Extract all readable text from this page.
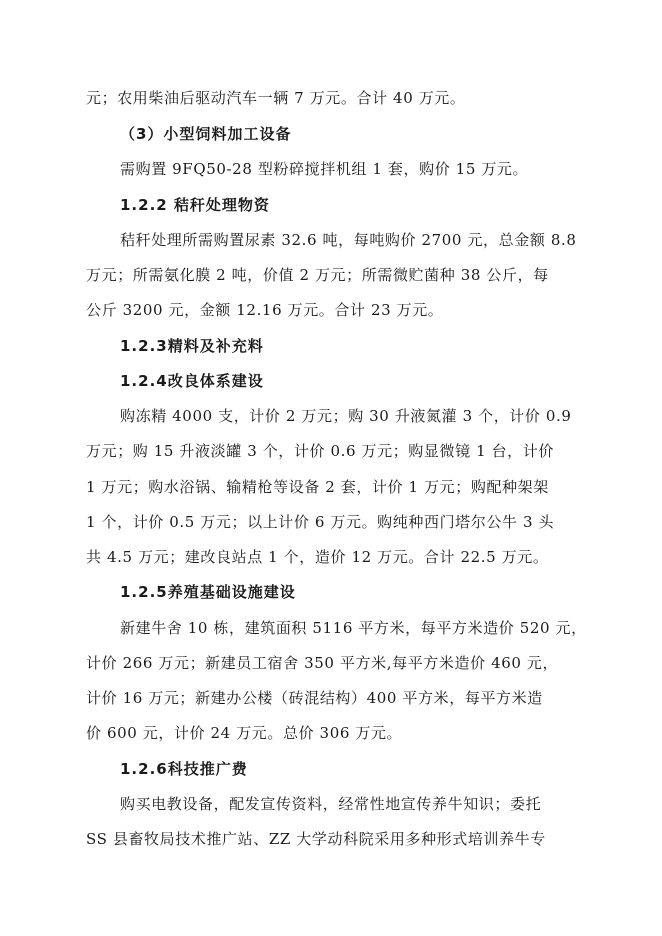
元；农用柴油后驱动汽车一辆 7 万元。合计 40 万元。
（3）小型饲料加工设备
需购置 9FQ50-28 型粉碎搅拌机组 1 套，购价 15 万元。
1.2.2 秸秆处理物资
秸秆处理所需购置尿素 32.6 吨，每吨购价 2700 元，总金额 8.8
万元；所需氨化膜 2 吨，价值 2 万元；所需微贮菌种 38 公斤，每
公斤 3200 元，金额 12.16 万元。合计 23 万元。
1.2.3精料及补充料
1.2.4改良体系建设
购冻精 4000 支，计价 2 万元；购 30 升液氮灌 3 个，计价 0.9
万元；购 15 升液淡罐 3 个，计价 0.6 万元；购显微镜 1 台，计价
1 万元；购水浴锅、输精枪等设备 2 套，计价 1 万元；购配种架架
1 个，计价 0.5 万元；以上计价 6 万元。购纯种西门塔尔公牛 3 头
共 4.5 万元；建改良站点 1 个，造价 12 万元。合计 22.5 万元。
1.2.5养殖基础设施建设
新建牛舍 10 栋，建筑面积 5116 平方米，每平方米造价 520 元，
计价 266 万元；新建员工宿舍 350 平方米,每平方米造价 460 元，
计价 16 万元；新建办公楼（砖混结构）400 平方米，每平方米造
价 600 元，计价 24 万元。总价 306 万元。
1.2.6科技推广费
购买电教设备，配发宣传资料，经常性地宣传养牛知识；委托
SS 县畜牧局技术推广站、ZZ 大学动科院采用多种形式培训养牛专
